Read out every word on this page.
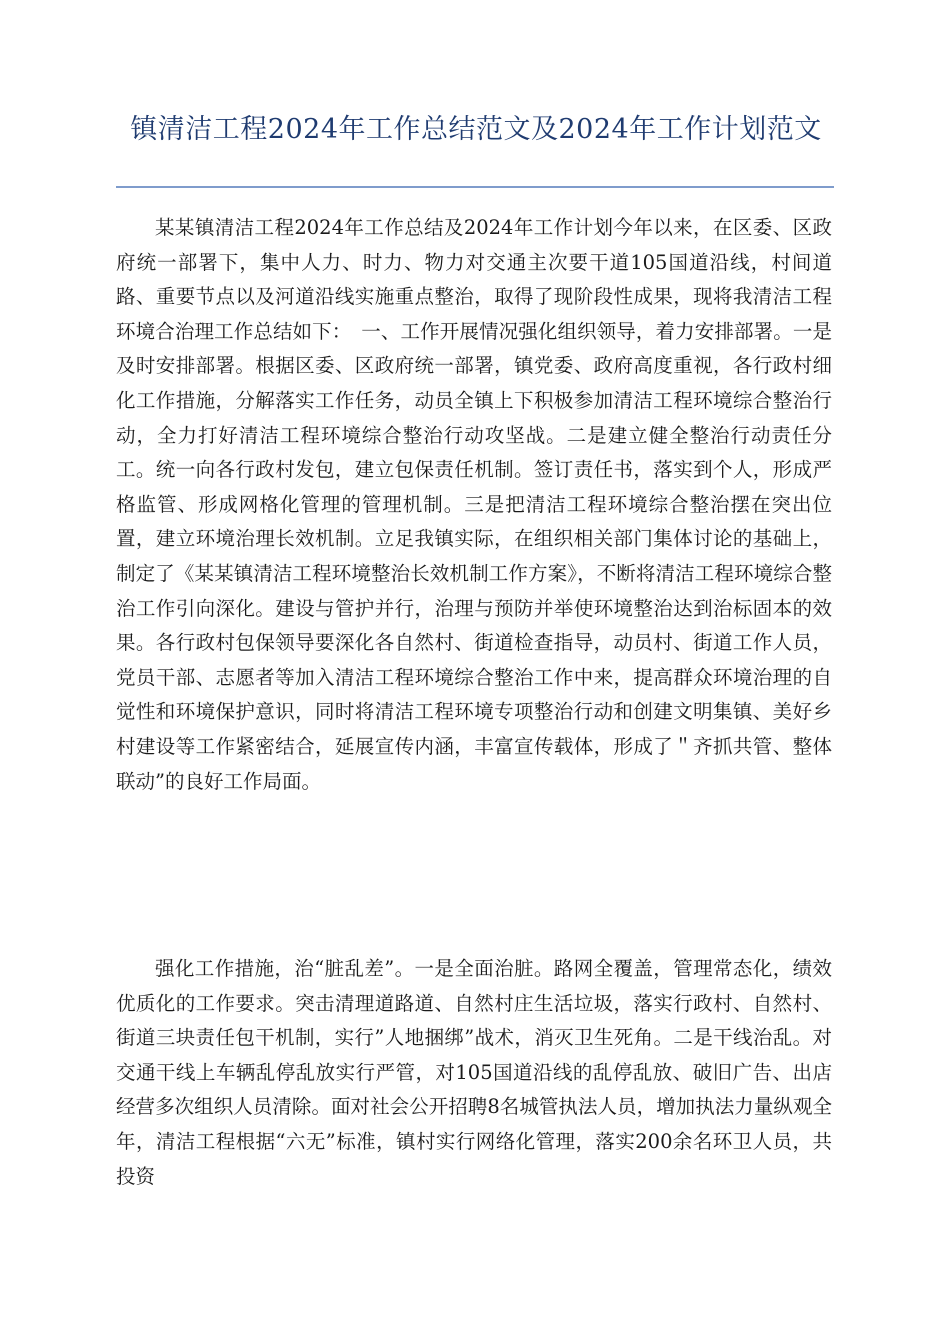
镇清洁工程2024年工作总结范文及2024年工作计划范文

某某镇清洁工程2024年工作总结及2024年工作计划今年以来，在区委、区政府统一部署下，集中人力、时力、物力对交通主次要干道105国道沿线，村间道路、重要节点以及河道沿线实施重点整治，取得了现阶段性成果，现将我清洁工程环境合治理工作总结如下：　一、工作开展情况强化组织领导，着力安排部署。一是及时安排部署。根据区委、区政府统一部署，镇党委、政府高度重视，各行政村细化工作措施，分解落实工作任务，动员全镇上下积极参加清洁工程环境综合整治行动，全力打好清洁工程环境综合整治行动攻坚战。二是建立健全整治行动责任分工。统一向各行政村发包，建立包保责任机制。签订责任书，落实到个人，形成严格监管、形成网格化管理的管理机制。三是把清洁工程环境综合整治摆在突出位置，建立环境治理长效机制。立足我镇实际，在组织相关部门集体讨论的基础上，制定了《某某镇清洁工程环境整治长效机制工作方案》，不断将清洁工程环境综合整治工作引向深化。建设与管护并行，治理与预防并举使环境整治达到治标固本的效果。各行政村包保领导要深化各自然村、街道检查指导，动员村、街道工作人员，党员干部、志愿者等加入清洁工程环境综合整治工作中来，提高群众环境治理的自觉性和环境保护意识，同时将清洁工程环境专项整治行动和创建文明集镇、美好乡村建设等工作紧密结合，延展宣传内涵，丰富宣传载体，形成了＂齐抓共管、整体联动”的良好工作局面。

强化工作措施，治“脏乱差”。一是全面治脏。路网全覆盖，管理常态化，绩效优质化的工作要求。突击清理道路道、自然村庄生活垃圾，落实行政村、自然村、街道三块责任包干机制，实行”人地捆绑”战术，消灭卫生死角。二是干线治乱。对交通干线上车辆乱停乱放实行严管，对105国道沿线的乱停乱放、破旧广告、出店经营多次组织人员清除。面对社会公开招聘8名城管执法人员，增加执法力量纵观全年，清洁工程根据“六无”标准，镇村实行网络化管理，落实200余名环卫人员，共投资
